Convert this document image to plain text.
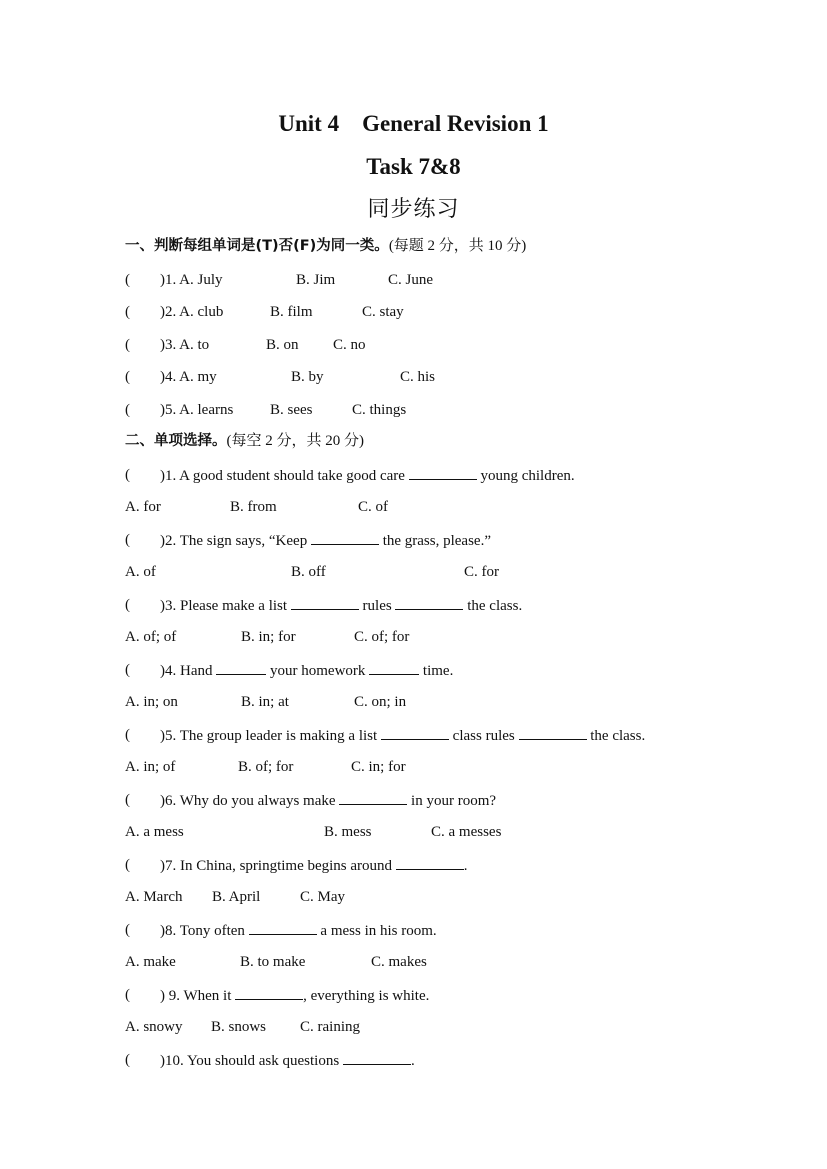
Unit 4    General Revision 1
Task 7&8
同步练习
一、判断每组单词是(T)否(F)为同一类。(每题 2 分，共 10 分)
( )1. A. July	B. Jim	C. June
( )2. A. club	B. film	C. stay
( )3. A. to	B. on C. no
( )4. A. my	B. by	C. his
( )5. A. learns B. sees	C. things
二、单项选择。(每空 2 分，共 20 分)
( )1. A good student should take good care	young children.
A. for	B. from	C. of
( )2. The sign says, “Keep	the grass, please.”
A. of	B. off	C. for
( )3. Please make a list	rules	the class.
A. of; of	B. in; for	C. of; for
( )4. Hand	your homework	time.
A. in; on	B. in; at	C. on; in
( )5. The group leader is making a list	class rules	the class.
A. in; of	B. of; for	C. in; for
( )6. Why do you always make	in your room?
A. a mess	B. mess	C. a messes
( )7. In China, springtime begins around	.
A. March B. April	C. May
( )8. Tony often	a mess in his room.
A. make	B. to make	C. makes
( ) 9. When it	, everything is white.
A. snowy B. snows C. raining
( )10. You should ask questions	.
